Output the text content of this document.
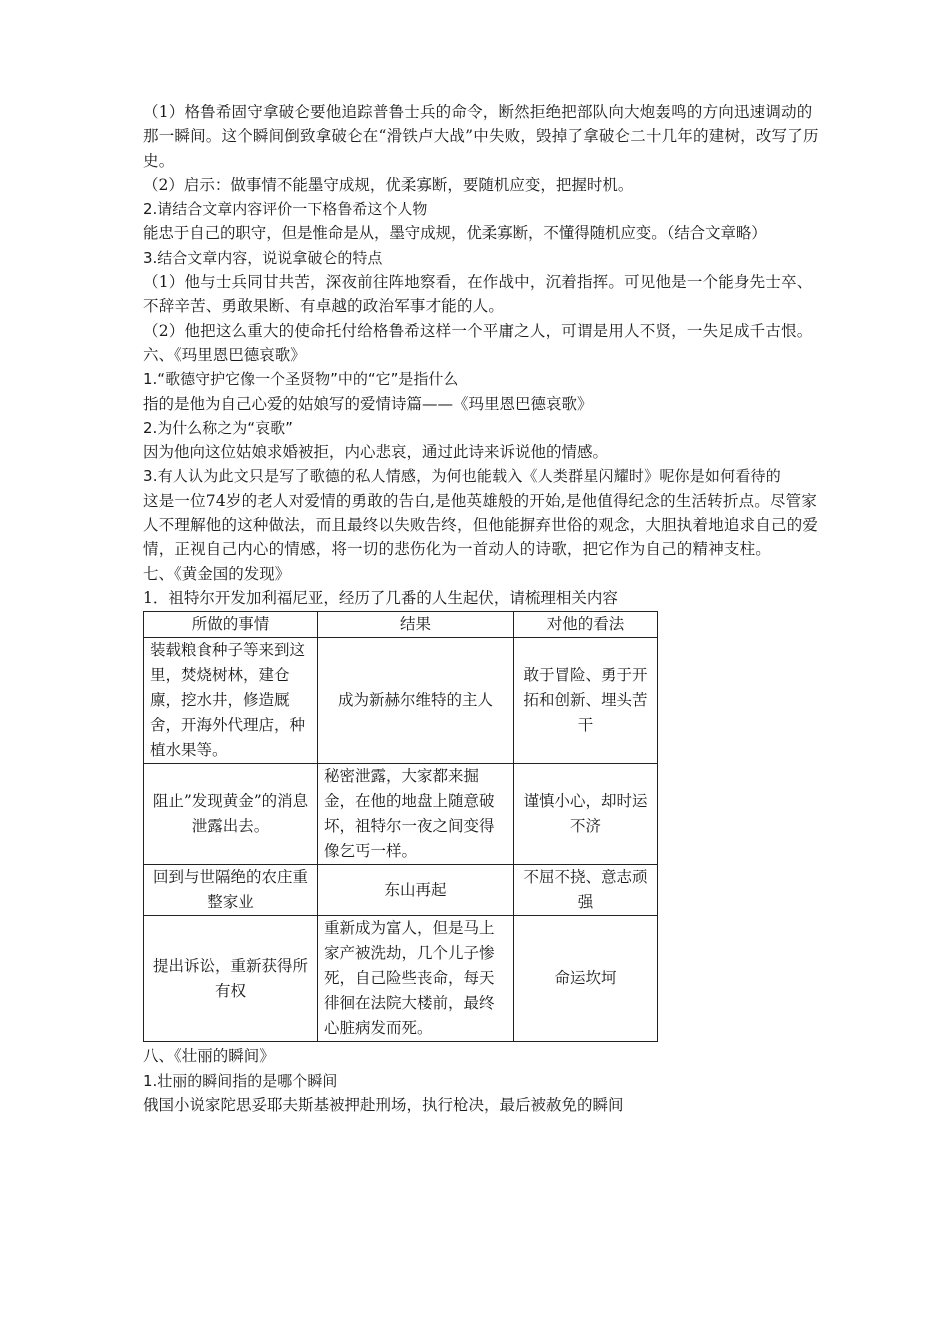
（1）格鲁希固守拿破仑要他追踪普鲁士兵的命令，断然拒绝把部队向大炮轰鸣的方向迅速调动的那一瞬间。这个瞬间倒致拿破仑在“滑铁卢大战”中失败，毁掉了拿破仑二十几年的建树，改写了历史。
（2）启示：做事情不能墨守成规，优柔寡断，要随机应变，把握时机。
2.请结合文章内容评价一下格鲁希这个人物
能忠于自己的职守，但是惟命是从，墨守成规，优柔寡断，不懂得随机应变。（结合文章略）
3.结合文章内容，说说拿破仑的特点
（1）他与士兵同甘共苦，深夜前往阵地察看，在作战中，沉着指挥。可见他是一个能身先士卒、不辞辛苦、勇敢果断、有卓越的政治军事才能的人。
（2）他把这么重大的使命托付给格鲁希这样一个平庸之人，可谓是用人不贤，一失足成千古恨。
六、《玛里恩巴德哀歌》
1.“歌德守护它像一个圣贤物”中的“它”是指什么
指的是他为自己心爱的姑娘写的爱情诗篇——《玛里恩巴德哀歌》
2.为什么称之为“哀歌”
因为他向这位姑娘求婚被拒，内心悲哀，通过此诗来诉说他的情感。
3.有人认为此文只是写了歌德的私人情感，为何也能载入《人类群星闪耀时》呢你是如何看待的
这是一位74岁的老人对爱情的勇敢的告白,是他英雄般的开始,是他值得纪念的生活转折点。尽管家人不理解他的这种做法，而且最终以失败告终，但他能摒弃世俗的观念，大胆执着地追求自己的爱情，正视自己内心的情感，将一切的悲伤化为一首动人的诗歌，把它作为自己的精神支柱。
七、《黄金国的发现》
1．祖特尔开发加利福尼亚，经历了几番的人生起伏，请梳理相关内容
所做的事情	结果	对他的看法
装载粮食种子等来到这里，焚烧树林，建仓廪，挖水井，修造厩舍，开海外代理店，种植水果等。	成为新赫尔维特的主人	敢于冒险、勇于开拓和创新、埋头苦干
阻止”发现黄金”的消息泄露出去。	秘密泄露，大家都来掘金，在他的地盘上随意破坏，祖特尔一夜之间变得像乞丐一样。	谨慎小心，却时运不济
回到与世隔绝的农庄重整家业	东山再起	不屈不挠、意志顽强
提出诉讼，重新获得所有权	重新成为富人，但是马上家产被洗劫，几个儿子惨死，自己险些丧命，每天徘徊在法院大楼前，最终心脏病发而死。	命运坎坷
八、《壮丽的瞬间》
1.壮丽的瞬间指的是哪个瞬间
俄国小说家陀思妥耶夫斯基被押赴刑场，执行枪决，最后被赦免的瞬间
